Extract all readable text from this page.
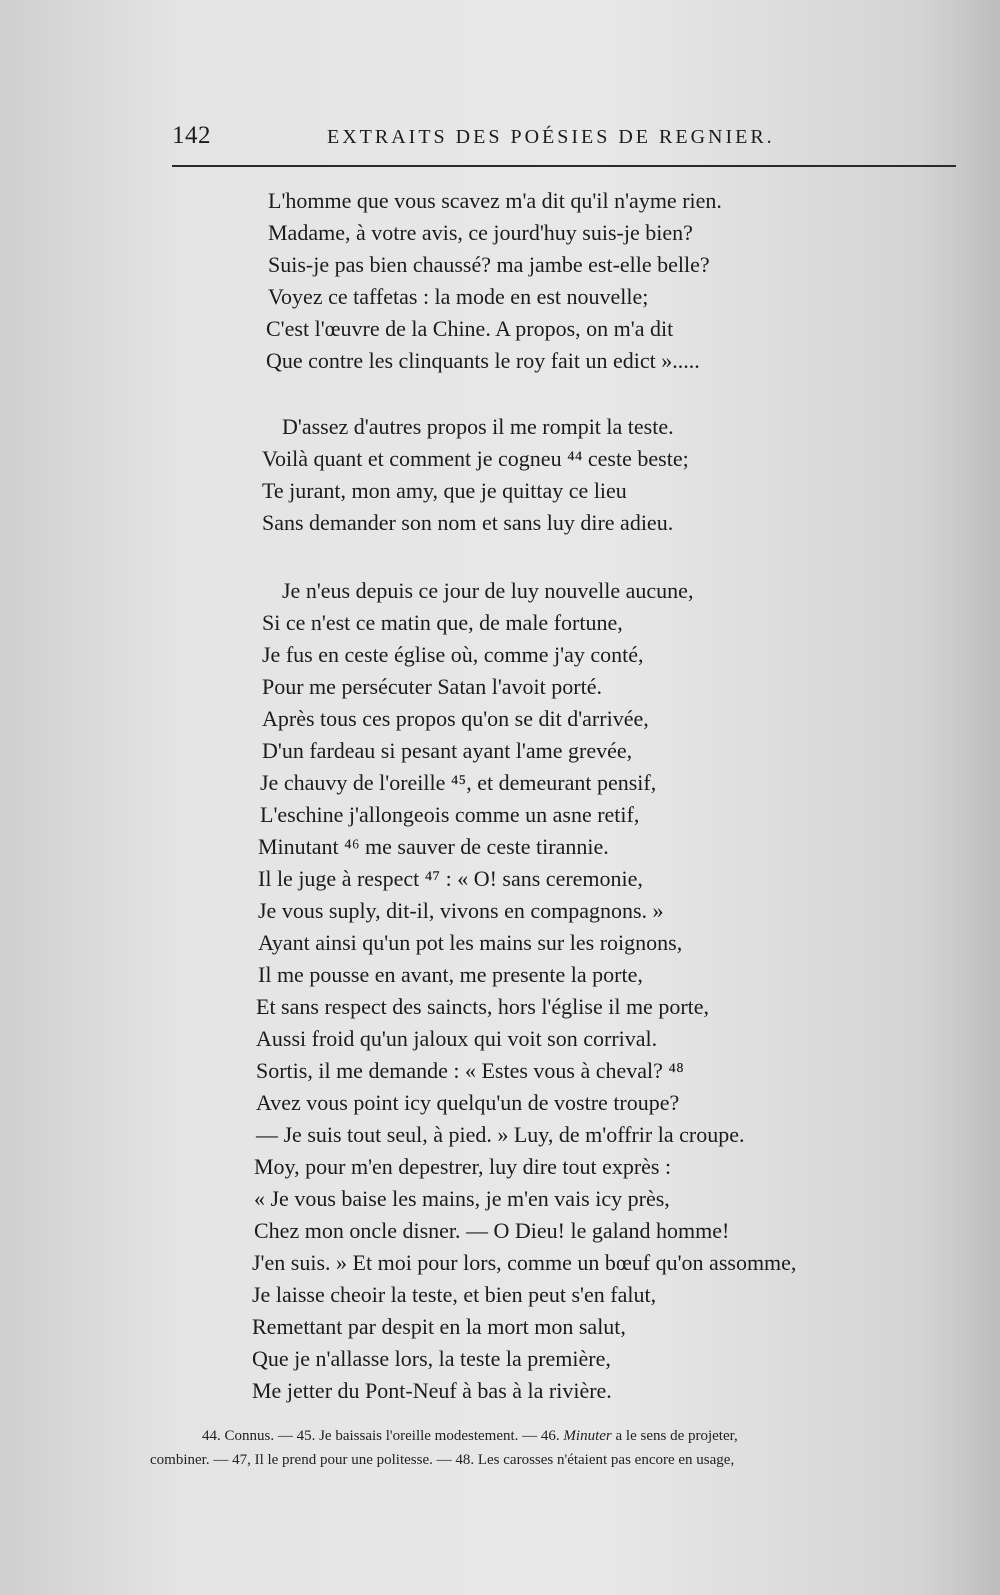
142	EXTRAITS DES POÉSIES DE REGNIER.
L'homme que vous scavez m'a dit qu'il n'ayme rien.
Madame, à votre avis, ce jourd'huy suis-je bien?
Suis-je pas bien chaussé? ma jambe est-elle belle?
Voyez ce taffetas : la mode en est nouvelle;
C'est l'œuvre de la Chine. A propos, on m'a dit
Que contre les clinquants le roy fait un edict ».....
D'assez d'autres propos il me rompit la teste.
Voilà quant et comment je cogneu ⁴⁴ ceste beste;
Te jurant, mon amy, que je quittay ce lieu
Sans demander son nom et sans luy dire adieu.
Je n'eus depuis ce jour de luy nouvelle aucune,
Si ce n'est ce matin que, de male fortune,
Je fus en ceste église où, comme j'ay conté,
Pour me persécuter Satan l'avoit porté.
Après tous ces propos qu'on se dit d'arrivée,
D'un fardeau si pesant ayant l'ame grevée,
Je chauvy de l'oreille ⁴⁵, et demeurant pensif,
L'eschine j'allongeois comme un asne retif,
Minutant ⁴⁶ me sauver de ceste tirannie.
Il le juge à respect ⁴⁷ : « O! sans ceremonie,
Je vous suply, dit-il, vivons en compagnons. »
Ayant ainsi qu'un pot les mains sur les roignons,
Il me pousse en avant, me presente la porte,
Et sans respect des saincts, hors l'église il me porte,
Aussi froid qu'un jaloux qui voit son corrival.
Sortis, il me demande : « Estes vous à cheval? ⁴⁸
Avez vous point icy quelqu'un de vostre troupe?
— Je suis tout seul, à pied. » Luy, de m'offrir la croupe.
Moy, pour m'en depestrer, luy dire tout exprès :
« Je vous baise les mains, je m'en vais icy près,
Chez mon oncle disner. — O Dieu! le galand homme!
J'en suis. » Et moi pour lors, comme un bœuf qu'on assomme,
Je laisse cheoir la teste, et bien peut s'en falut,
Remettant par despit en la mort mon salut,
Que je n'allasse lors, la teste la première,
Me jetter du Pont-Neuf à bas à la rivière.
44. Connus. — 45. Je baissais l'oreille modestement. — 46. Minuter a le sens de projeter,
combiner. — 47, Il le prend pour une politesse. — 48. Les carosses n'étaient pas encore en usage,
